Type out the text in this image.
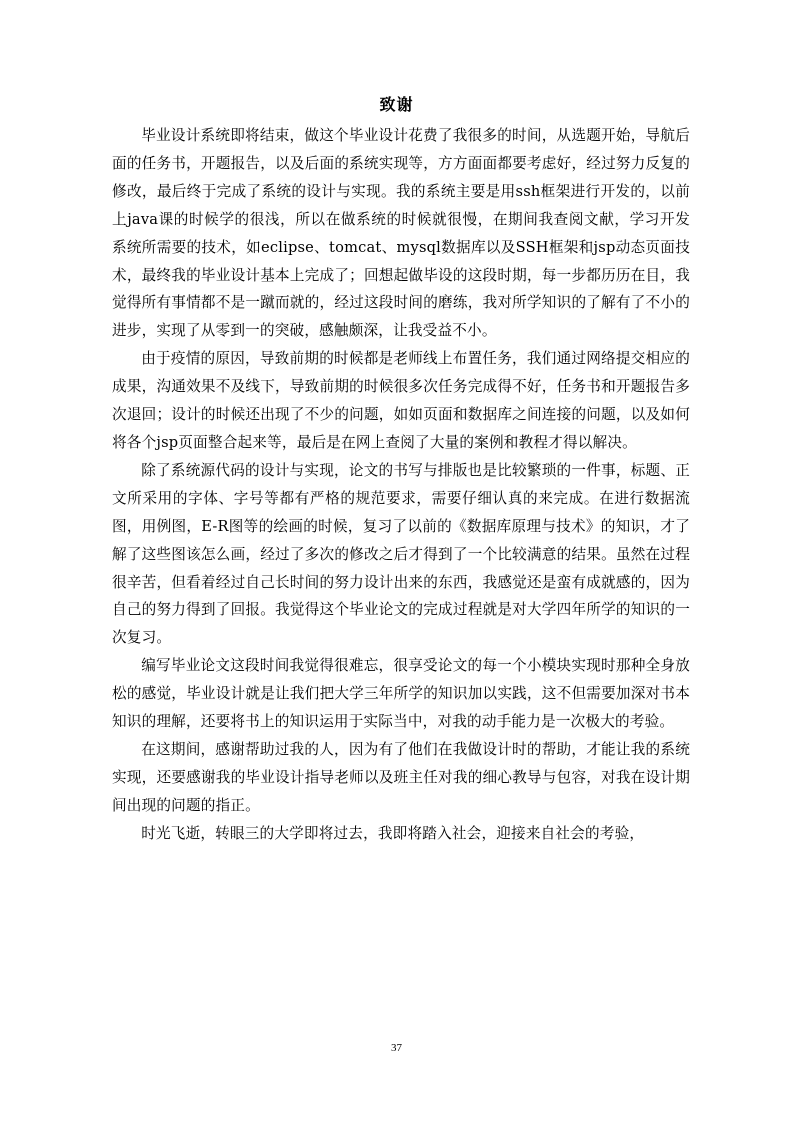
致谢

毕业设计系统即将结束，做这个毕业设计花费了我很多的时间，从选题开始，导航后面的任务书，开题报告，以及后面的系统实现等，方方面面都要考虑好，经过努力反复的修改，最后终于完成了系统的设计与实现。我的系统主要是用ssh框架进行开发的，以前上java课的时候学的很浅，所以在做系统的时候就很慢，在期间我查阅文献，学习开发系统所需要的技术，如eclipse、tomcat、mysql数据库以及SSH框架和jsp动态页面技术，最终我的毕业设计基本上完成了；回想起做毕设的这段时期，每一步都历历在目，我觉得所有事情都不是一蹴而就的，经过这段时间的磨练，我对所学知识的了解有了不小的进步，实现了从零到一的突破，感触颇深，让我受益不小。

由于疫情的原因，导致前期的时候都是老师线上布置任务，我们通过网络提交相应的成果，沟通效果不及线下，导致前期的时候很多次任务完成得不好，任务书和开题报告多次退回；设计的时候还出现了不少的问题，如如页面和数据库之间连接的问题，以及如何将各个jsp页面整合起来等，最后是在网上查阅了大量的案例和教程才得以解决。

除了系统源代码的设计与实现，论文的书写与排版也是比较繁琐的一件事，标题、正文所采用的字体、字号等都有严格的规范要求，需要仔细认真的来完成。在进行数据流图，用例图，E-R图等的绘画的时候，复习了以前的《数据库原理与技术》的知识，才了解了这些图该怎么画，经过了多次的修改之后才得到了一个比较满意的结果。虽然在过程很辛苦，但看着经过自己长时间的努力设计出来的东西，我感觉还是蛮有成就感的，因为自己的努力得到了回报。我觉得这个毕业论文的完成过程就是对大学四年所学的知识的一次复习。

编写毕业论文这段时间我觉得很难忘，很享受论文的每一个小模块实现时那种全身放松的感觉，毕业设计就是让我们把大学三年所学的知识加以实践，这不但需要加深对书本知识的理解，还要将书上的知识运用于实际当中，对我的动手能力是一次极大的考验。

在这期间，感谢帮助过我的人，因为有了他们在我做设计时的帮助，才能让我的系统实现，还要感谢我的毕业设计指导老师以及班主任对我的细心教导与包容，对我在设计期间出现的问题的指正。

时光飞逝，转眼三的大学即将过去，我即将踏入社会，迎接来自社会的考验，

37
